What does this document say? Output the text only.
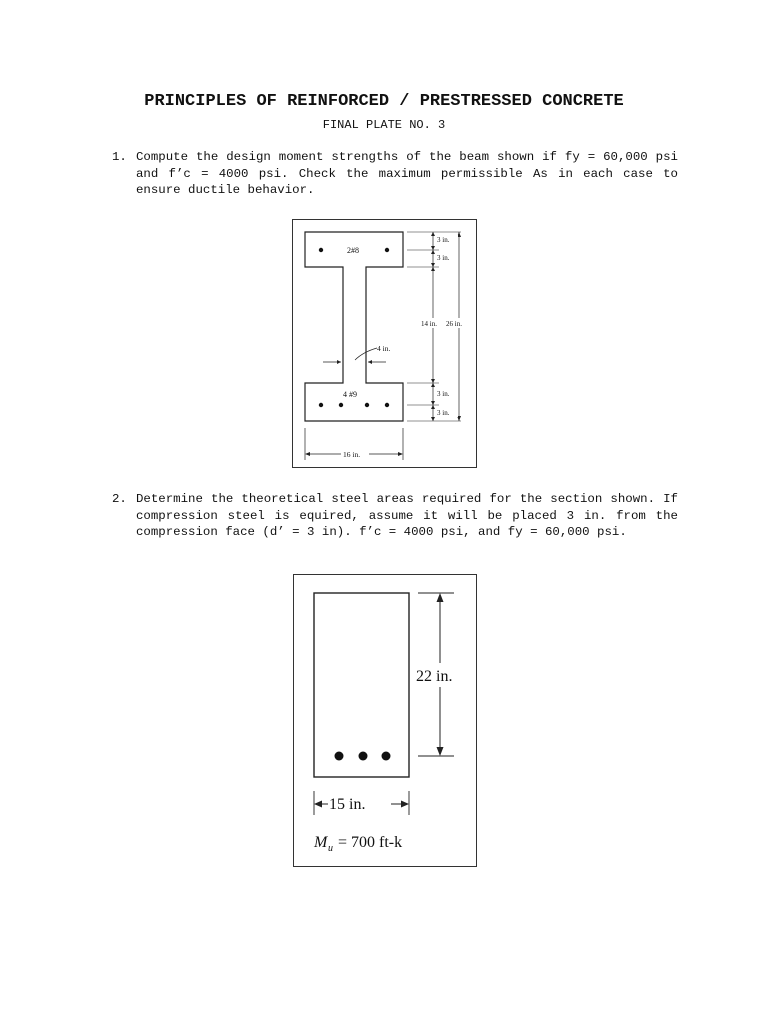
PRINCIPLES OF REINFORCED / PRESTRESSED CONCRETE
FINAL PLATE NO. 3
1. Compute the design moment strengths of the beam shown if fy = 60,000 psi and f’c = 4000 psi. Check the maximum permissible As in each case to ensure ductile behavior.
2#8
4 #9
4 in.
16 in.
3 in.
3 in.
14 in. 26 in.
3 in.
3 in.
2. Determine the theoretical steel areas required for the section shown. If compression steel is equired, assume it will be placed 3 in. from the compression face (d’ = 3 in). f’c = 4000 psi, and fy = 60,000 psi.
22 in.
15 in.
M u = 700 ft-k
